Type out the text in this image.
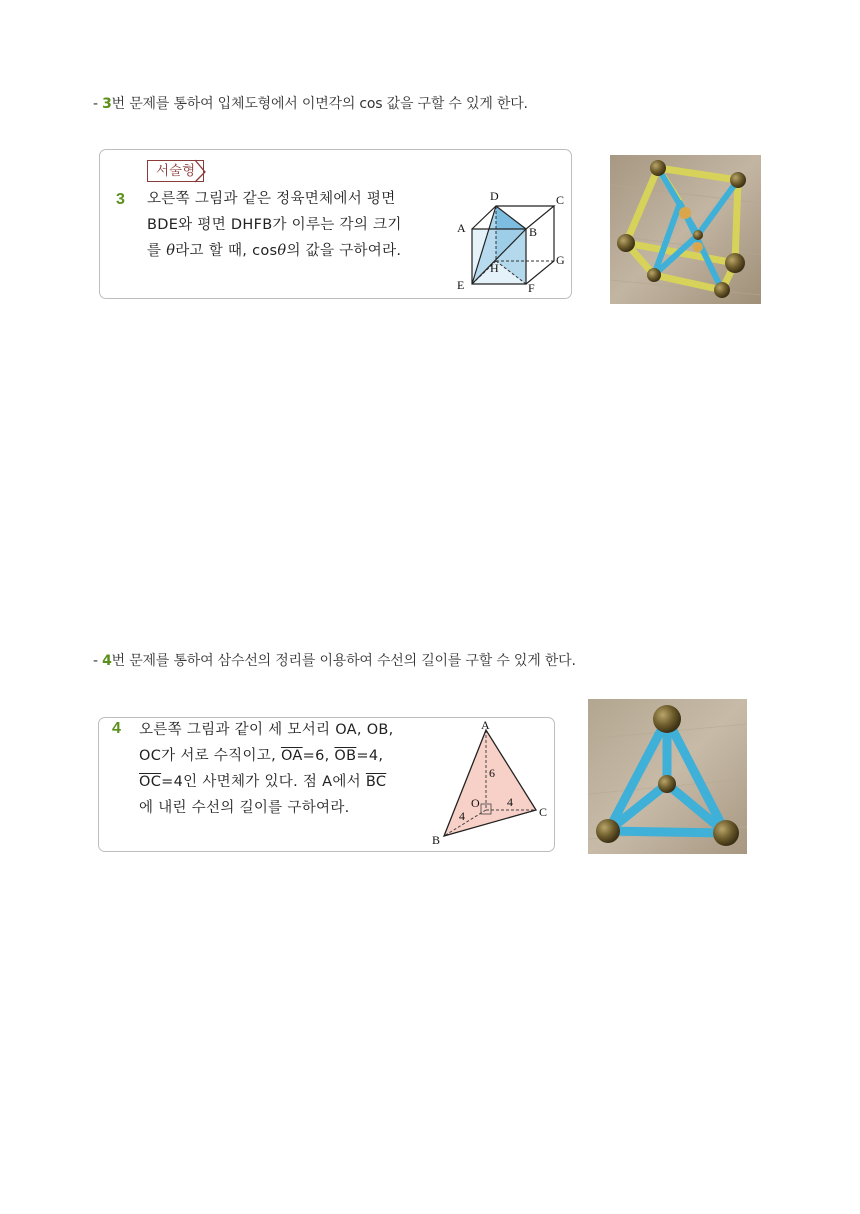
- 3번 문제를 통하여 입체도형에서 이면각의 cos 값을 구할 수 있게 한다.
서술형
3 오른쪽 그림과 같은 정육면체에서 평면
BDE와 평면 DHFB가 이루는 각의 크기
를 θ라고 할 때, cosθ의 값을 구하여라.
D	C
A	B
H
G
E	F
- 4번 문제를 통하여 삼수선의 정리를 이용하여 수선의 길이를 구할 수 있게 한다.
4 오른쪽 그림과 같이 세 모서리 OA, OB,
OC가 서로 수직이고, $\overline{OA}=6$, $\overline{OB}=4$,
$\overline{OC}=4$인 사면체가 있다. 점 A에서 $\overline{BC}$
에 내린 수선의 길이를 구하여라.
A
B
C
O
6
4
4
